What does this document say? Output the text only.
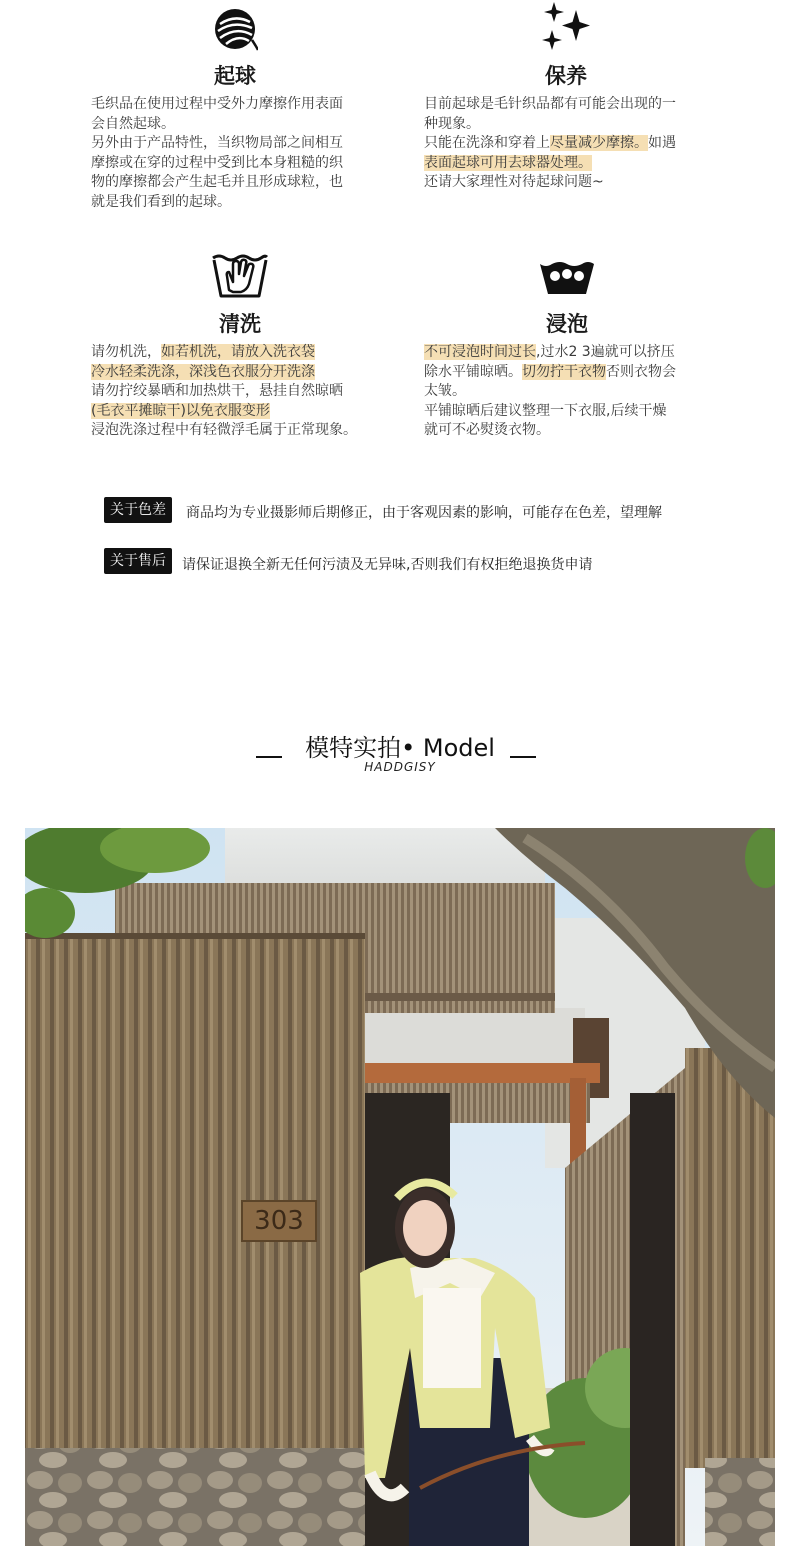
起球

毛织品在使用过程中受外力摩擦作用表面

会自然起球。

另外由于产品特性，当织物局部之间相互

摩擦或在穿的过程中受到比本身粗糙的织

物的摩擦都会产生起毛并且形成球粒，也

就是我们看到的起球。

保养

目前起球是毛针织品都有可能会出现的一

种现象。

只能在洗涤和穿着上尽量减少摩擦。如遇

表面起球可用去球器处理。

还请大家理性对待起球问题~

清洗

请勿机洗，如若机洗，请放入洗衣袋

冷水轻柔洗涤，深浅色衣服分开洗涤

请勿拧绞暴晒和加热烘干，悬挂自然晾晒

(毛衣平摊晾干)以免衣服变形

浸泡洗涤过程中有轻微浮毛属于正常现象。

浸泡

不可浸泡时间过长,过水2 3遍就可以挤压

除水平铺晾晒。切勿拧干衣物否则衣物会

太皱。

平铺晾晒后建议整理一下衣服,后续干燥

就可不必熨烫衣物。

关于色差	商品均为专业摄影师后期修正，由于客观因素的影响，可能存在色差，望理解
关于售后	请保证退换全新无任何污渍及无异味,否则我们有权拒绝退换货申请
模特实拍• Model
HADDGISY
303
